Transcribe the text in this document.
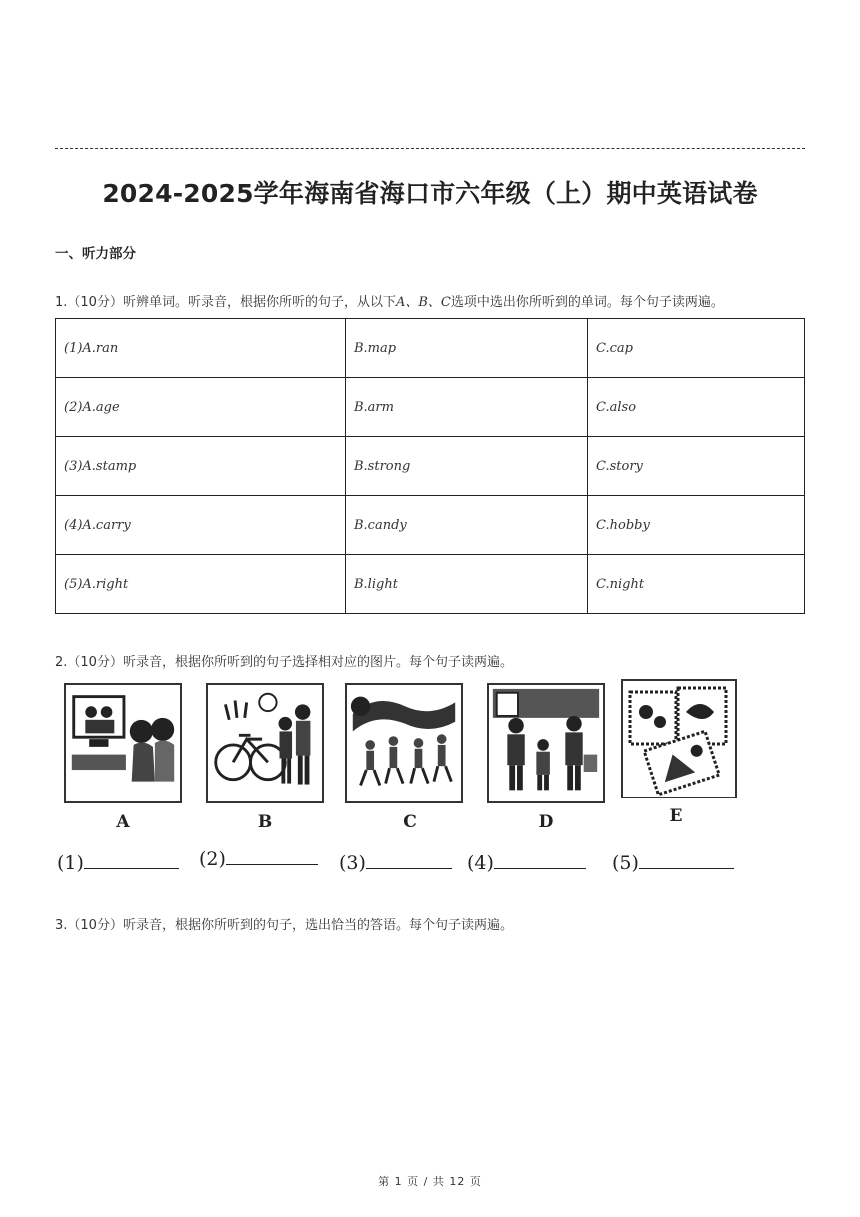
2024-2025学年海南省海口市六年级（上）期中英语试卷
一、听力部分
1.（10分）听辨单词。听录音，根据你所听的句子，从以下A、B、C选项中选出你所听到的单词。每个句子读两遍。
(1)A.ran	B.map	C.cap
(2)A.age	B.arm	C.also
(3)A.stamp	B.strong	C.story
(4)A.carry	B.candy	C.hobby
(5)A.right	B.light	C.night
2.（10分）听录音，根据你所听到的句子选择相对应的图片。每个句子读两遍。
A	B	C	D	E
(1)	(2)	(3)	(4)	(5)
3.（10分）听录音，根据你所听到的句子，选出恰当的答语。每个句子读两遍。
第 1 页 / 共 12 页
